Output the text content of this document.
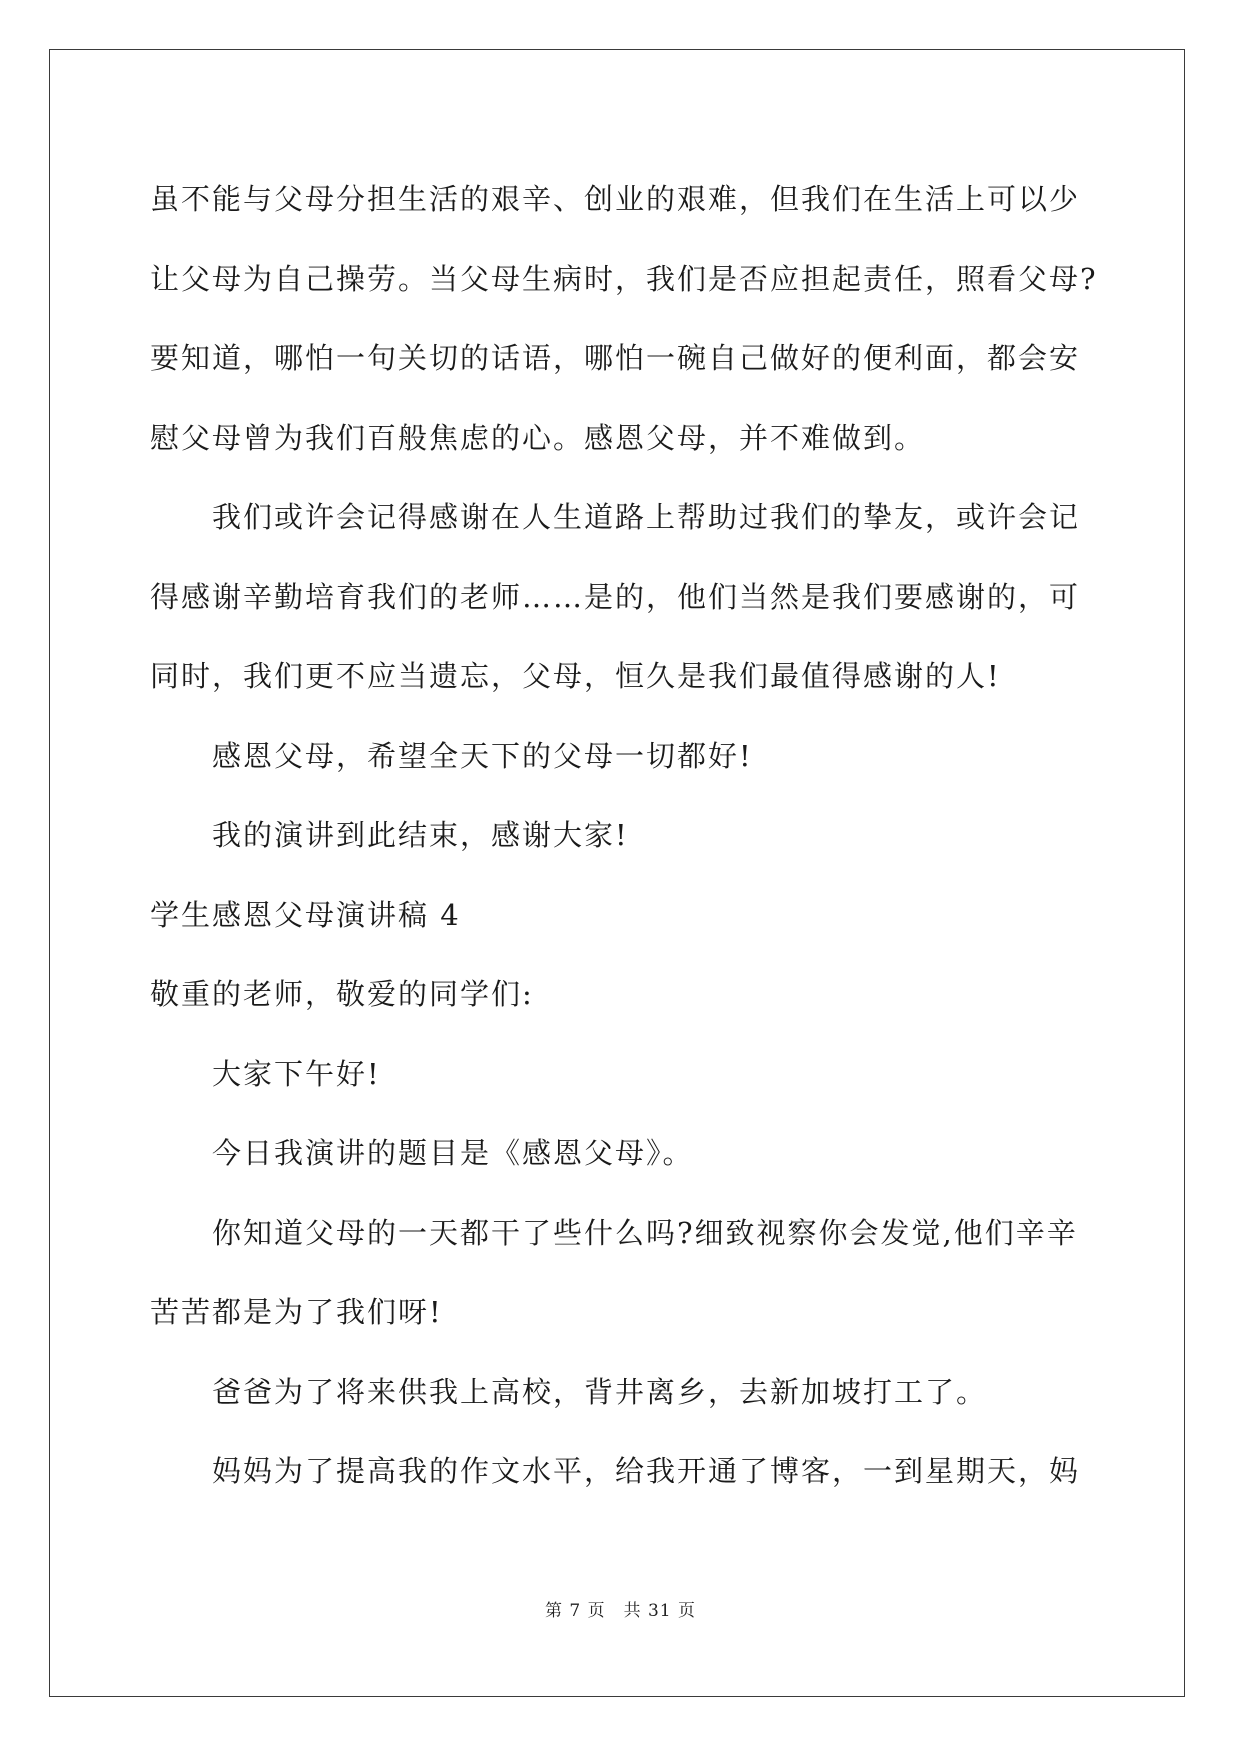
虽不能与父母分担生活的艰辛、创业的艰难，但我们在生活上可以少
让父母为自己操劳。当父母生病时，我们是否应担起责任，照看父母?
要知道，哪怕一句关切的话语，哪怕一碗自己做好的便利面，都会安
慰父母曾为我们百般焦虑的心。感恩父母，并不难做到。
我们或许会记得感谢在人生道路上帮助过我们的挚友，或许会记
得感谢辛勤培育我们的老师……是的，他们当然是我们要感谢的，可
同时，我们更不应当遗忘，父母，恒久是我们最值得感谢的人!
感恩父母，希望全天下的父母一切都好!
我的演讲到此结束，感谢大家!
学生感恩父母演讲稿 4
敬重的老师，敬爱的同学们:
大家下午好!
今日我演讲的题目是《感恩父母》。
你知道父母的一天都干了些什么吗?细致视察你会发觉,他们辛辛
苦苦都是为了我们呀!
爸爸为了将来供我上高校，背井离乡，去新加坡打工了。
妈妈为了提高我的作文水平，给我开通了博客，一到星期天，妈
第 7 页 共 31 页
